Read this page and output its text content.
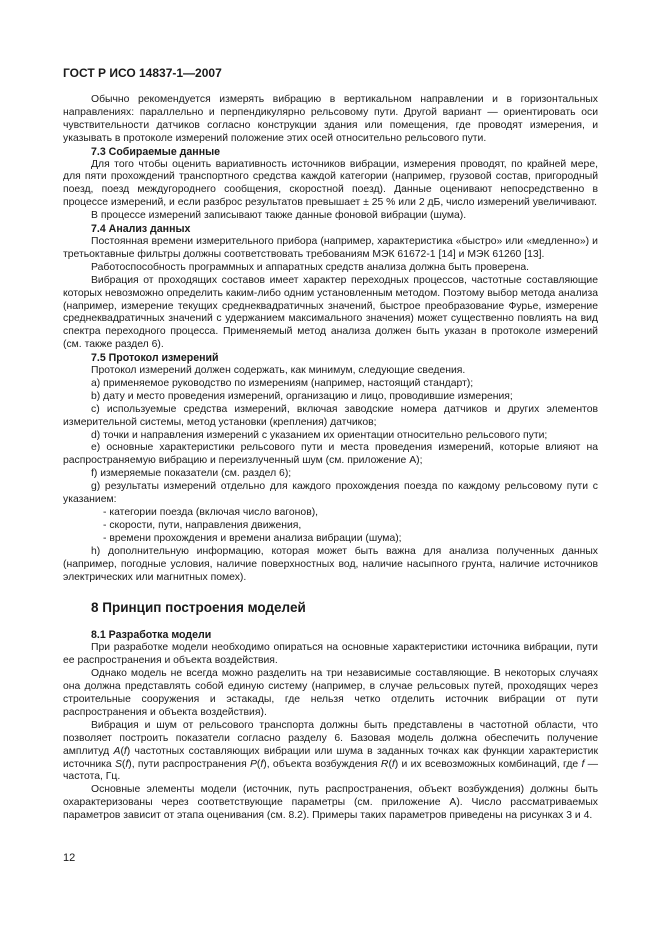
ГОСТ Р ИСО 14837-1—2007

Обычно рекомендуется измерять вибрацию в вертикальном направлении и в горизонтальных направлениях: параллельно и перпендикулярно рельсовому пути. Другой вариант — ориентировать оси чувствительности датчиков согласно конструкции здания или помещения, где проводят измерения, и указывать в протоколе измерений положение этих осей относительно рельсового пути.

7.3 Собираемые данные

Для того чтобы оценить вариативность источников вибрации, измерения проводят, по крайней мере, для пяти прохождений транспортного средства каждой категории (например, грузовой состав, пригородный поезд, поезд междугороднего сообщения, скоростной поезд). Данные оценивают непосредственно в процессе измерений, и если разброс результатов превышает ± 25 % или 2 дБ, число измерений увеличивают.

В процессе измерений записывают также данные фоновой вибрации (шума).

7.4 Анализ данных

Постоянная времени измерительного прибора (например, характеристика «быстро» или «медленно») и третьоктавные фильтры должны соответствовать требованиям МЭК 61672-1 [14] и МЭК 61260 [13].

Работоспособность программных и аппаратных средств анализа должна быть проверена.

Вибрация от проходящих составов имеет характер переходных процессов, частотные составляющие которых невозможно определить каким-либо одним установленным методом. Поэтому выбор метода анализа (например, измерение текущих среднеквадратичных значений, быстрое преобразование Фурье, измерение среднеквадратичных значений с удержанием максимального значения) может существенно повлиять на вид спектра переходного процесса. Применяемый метод анализа должен быть указан в протоколе измерений (см. также раздел 6).

7.5 Протокол измерений

Протокол измерений должен содержать, как минимум, следующие сведения.

a) применяемое руководство по измерениям (например, настоящий стандарт);

b) дату и место проведения измерений, организацию и лицо, проводившие измерения;

c) используемые средства измерений, включая заводские номера датчиков и других элементов измерительной системы, метод установки (крепления) датчиков;

d) точки и направления измерений с указанием их ориентации относительно рельсового пути;

e) основные характеристики рельсового пути и места проведения измерений, которые влияют на распространяемую вибрацию и переизлученный шум (см. приложение A);

f) измеряемые показатели (см. раздел 6);

g) результаты измерений отдельно для каждого прохождения поезда по каждому рельсовому пути с указанием:

- категории поезда (включая число вагонов),

- скорости, пути, направления движения,

- времени прохождения и времени анализа вибрации (шума);

h) дополнительную информацию, которая может быть важна для анализа полученных данных (например, погодные условия, наличие поверхностных вод, наличие насыпного грунта, наличие источников электрических или магнитных помех).

8 Принцип построения моделей
8.1 Разработка модели

При разработке модели необходимо опираться на основные характеристики источника вибрации, пути ее распространения и объекта воздействия.

Однако модель не всегда можно разделить на три независимые составляющие. В некоторых случаях она должна представлять собой единую систему (например, в случае рельсовых путей, проходящих через строительные сооружения и эстакады, где нельзя четко отделить источник вибрации от пути распространения и объекта воздействия).

Вибрация и шум от рельсового транспорта должны быть представлены в частотной области, что позволяет построить показатели согласно разделу 6. Базовая модель должна обеспечить получение амплитуд A(f) частотных составляющих вибрации или шума в заданных точках как функции характеристик источника S(f), пути распространения P(f), объекта возбуждения R(f) и их всевозможных комбинаций, где f — частота, Гц.

Основные элементы модели (источник, путь распространения, объект возбуждения) должны быть охарактеризованы через соответствующие параметры (см. приложение A). Число рассматриваемых параметров зависит от этапа оценивания (см. 8.2). Примеры таких параметров приведены на рисунках 3 и 4.

12
